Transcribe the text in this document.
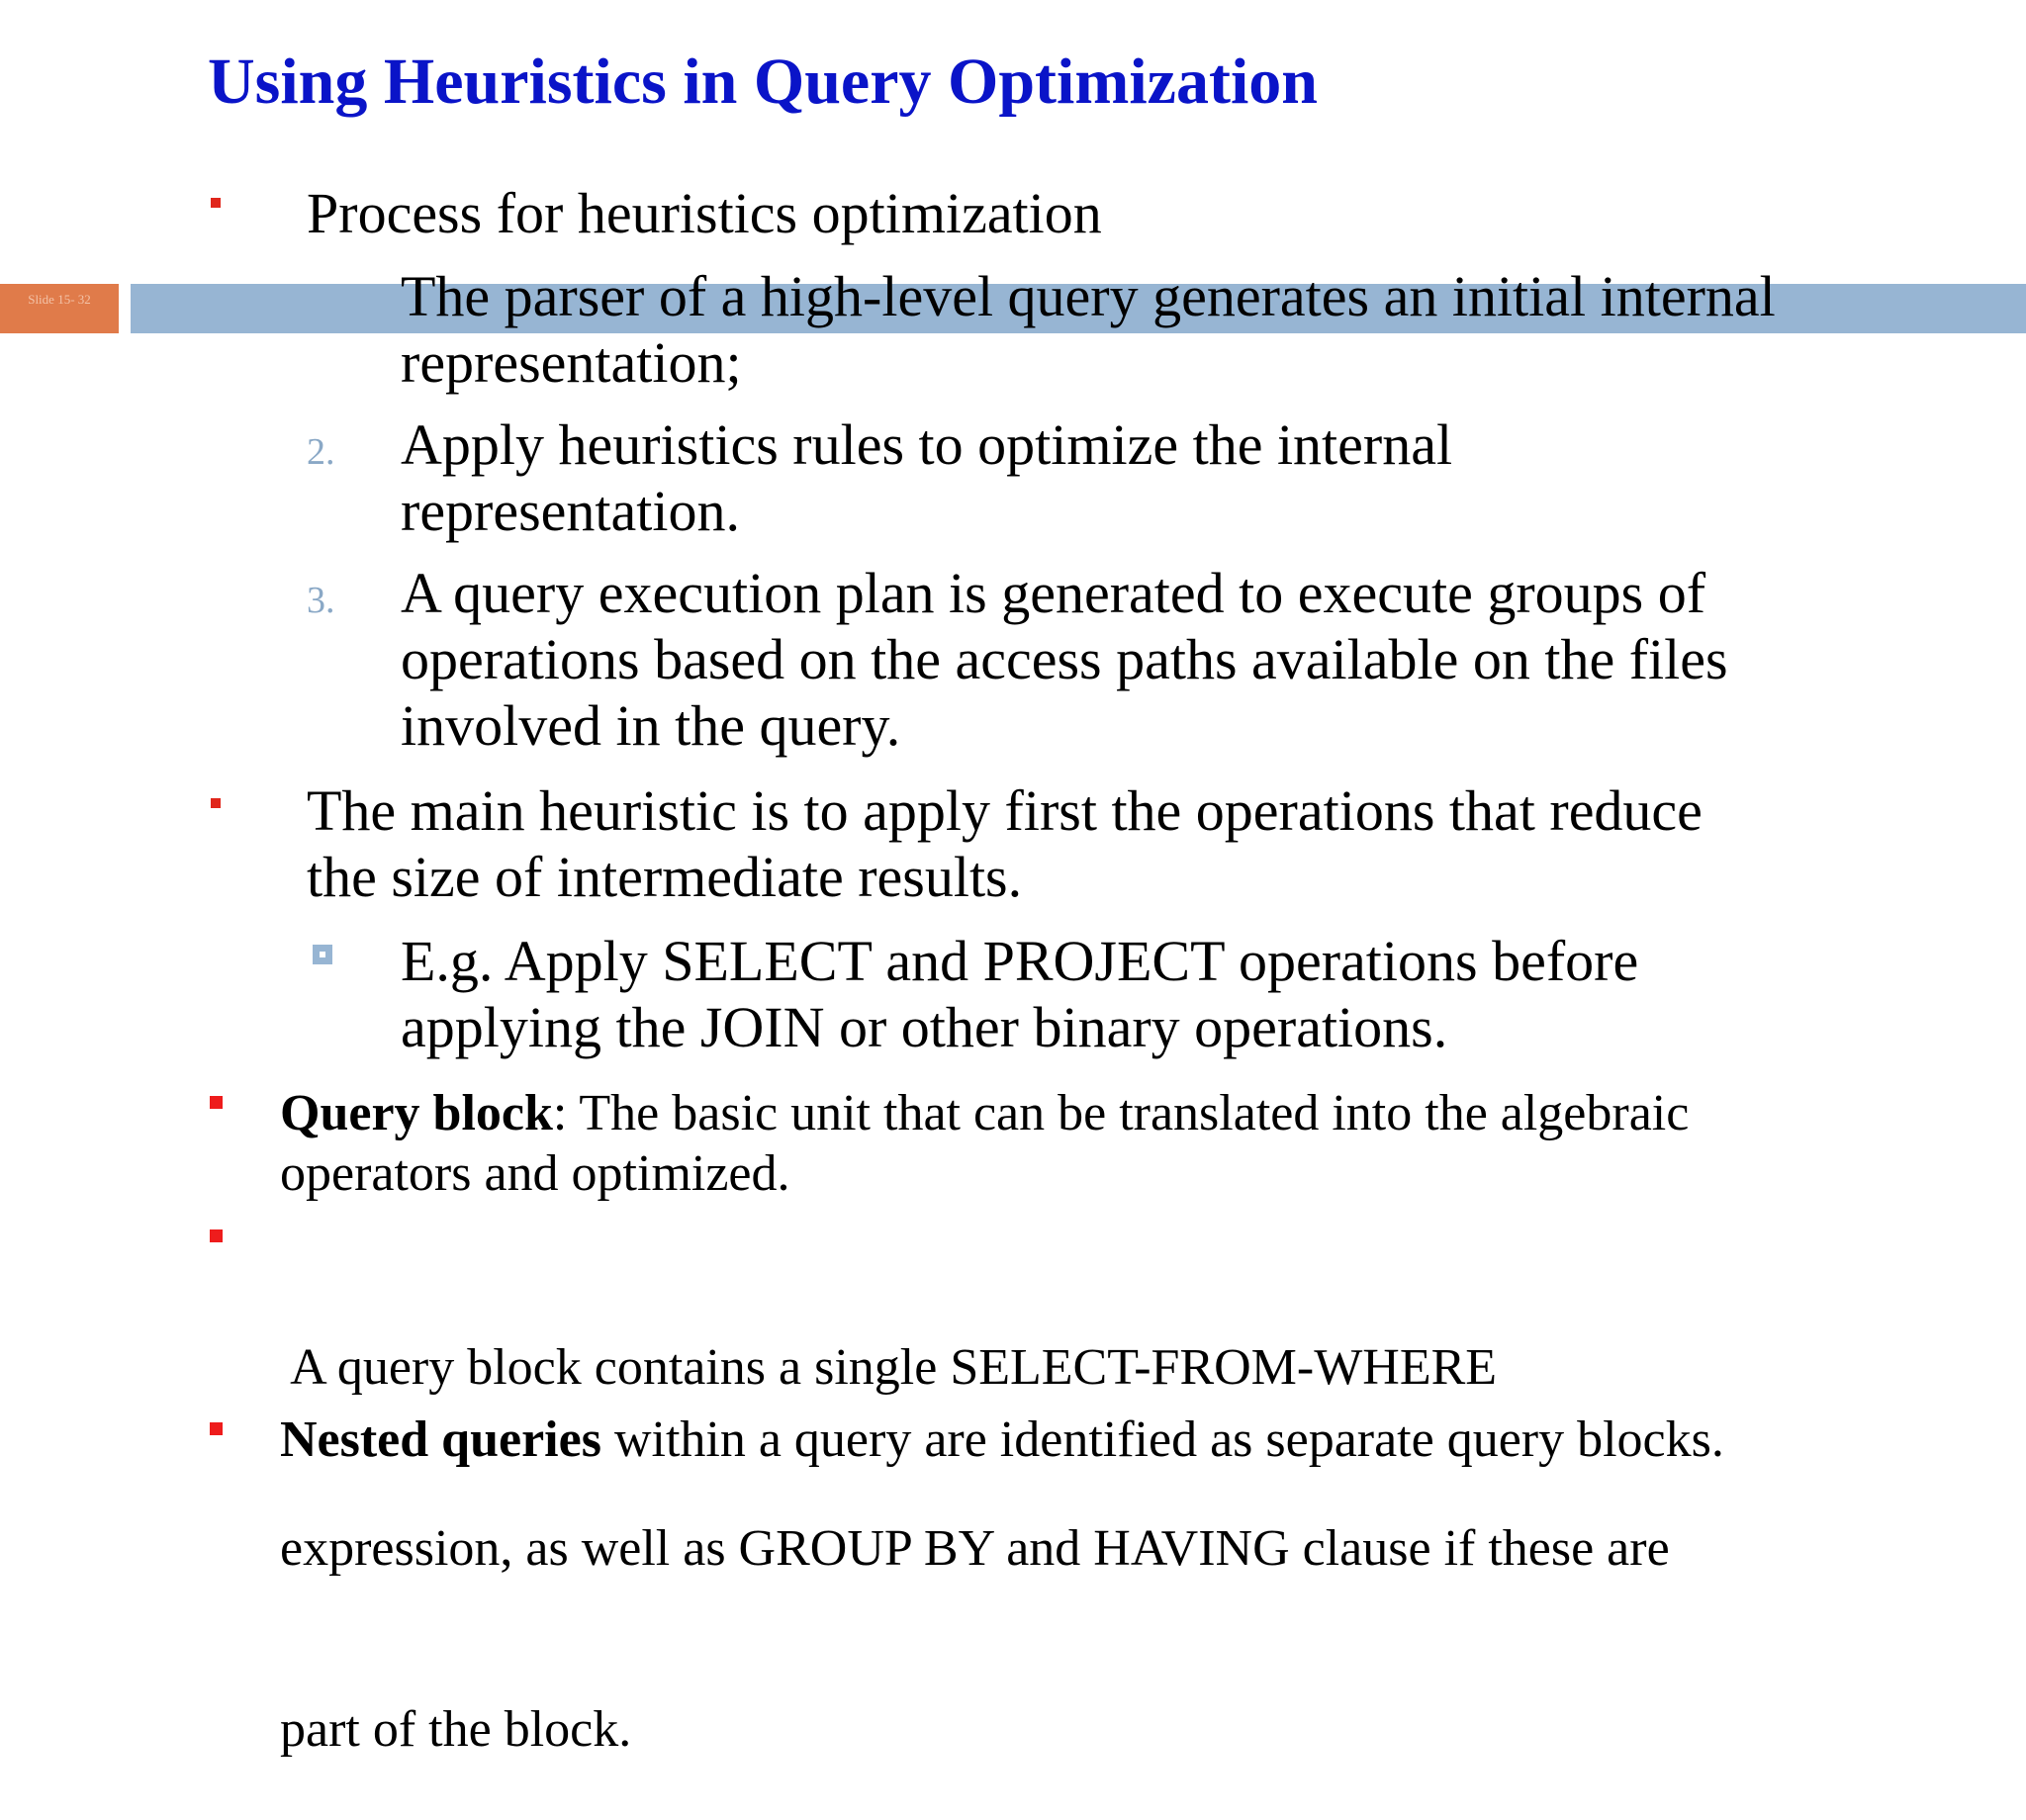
Using Heuristics in Query Optimization
Slide 15- 32
Process for heuristics optimization
The parser of a high-level query generates an initial internal
representation;
2. Apply heuristics rules to optimize the internal
representation.
3. A query execution plan is generated to execute groups of
operations based on the access paths available on the files
involved in the query.
The main heuristic is to apply first the operations that reduce
the size of intermediate results.
E.g. Apply SELECT and PROJECT operations before
applying the JOIN or other binary operations.
Query block: The basic unit that can be translated into the algebraic
operators and optimized.

A query block contains a single SELECT-FROM-WHERE

expression, as well as GROUP BY and HAVING clause if these are

part of the block.

Nested queries within a query are identified as separate query blocks.
